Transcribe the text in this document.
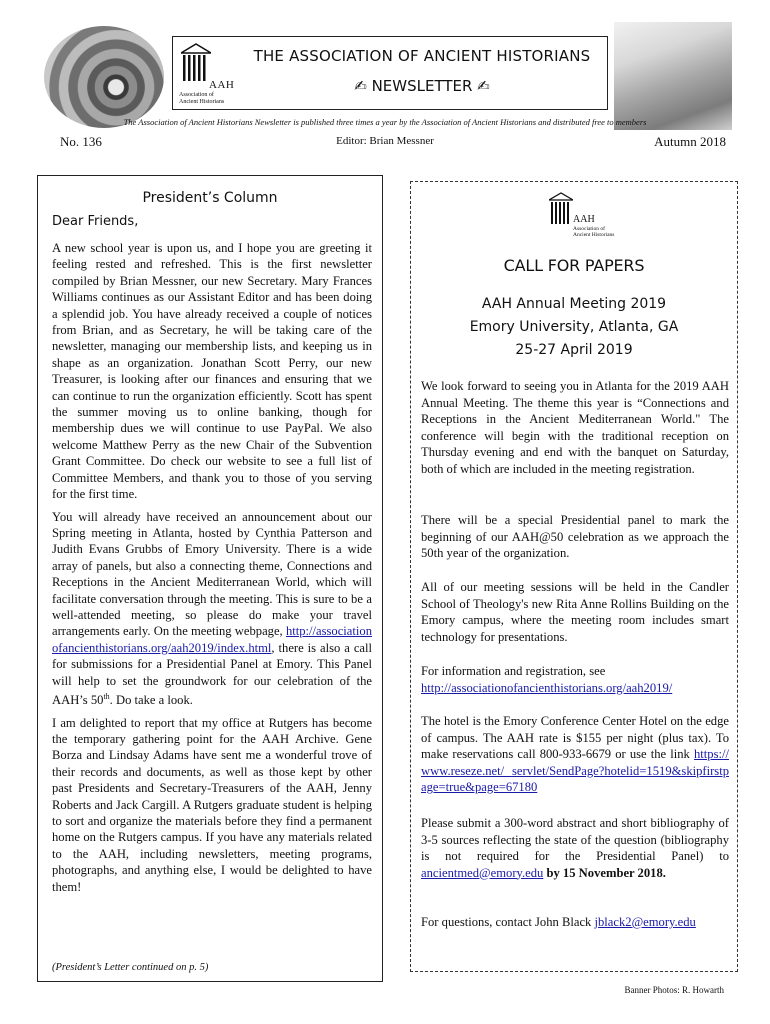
AAH
Association of
Ancient Historians
THE ASSOCIATION OF ANCIENT HISTORIANS
✍︎ NEWSLETTER ✍︎
The Association of Ancient Historians Newsletter is published three times a year by the Association of Ancient Historians and distributed free to members
No. 136	Editor: Brian Messner	Autumn 2018
President’s Column
Dear Friends,

A new school year is upon us, and I hope you are greeting it feeling rested and refreshed. This is the first newsletter compiled by Brian Messner, our new Secretary. Mary Frances Williams continues as our Assistant Editor and has been doing a splendid job. You have already received a couple of notices from Brian, and as Secretary, he will be taking care of the newsletter, managing our membership lists, and keeping us in shape as an organization. Jonathan Scott Perry, our new Treasurer, is looking after our finances and ensuring that we can continue to run the organization efficiently. Scott has spent the summer moving us to online banking, though for membership dues we will continue to use PayPal. We also welcome Matthew Perry as the new Chair of the Subvention Grant Committee. Do check our website to see a full list of Committee Members, and thank you to those of you serving for the first time.

You will already have received an announcement about our Spring meeting in Atlanta, hosted by Cynthia Patterson and Judith Evans Grubbs of Emory University. There is a wide array of panels, but also a connecting theme, Connections and Receptions in the Ancient Mediterranean World, which will facilitate conversation through the meeting. This is sure to be a well-attended meeting, so please do make your travel arrangements early. On the meeting webpage, http://associationofancienthistorians.org/aah2019/index.html, there is also a call for submissions for a Presidential Panel at Emory. This Panel will help to set the groundwork for our celebration of the AAH’s 50th. Do take a look.

I am delighted to report that my office at Rutgers has become the temporary gathering point for the AAH Archive. Gene Borza and Lindsay Adams have sent me a wonderful trove of their records and documents, as well as those kept by other past Presidents and Secretary-Treasurers of the AAH, Jenny Roberts and Jack Cargill. A Rutgers graduate student is helping to sort and organize the materials before they find a permanent home on the Rutgers campus. If you have any materials related to the AAH, including newsletters, meeting programs, photographs, and anything else, I would be delighted to have them!

(President’s Letter continued on p. 5)
AAH
Association of
Ancient Historians
CALL FOR PAPERS
AAH Annual Meeting 2019
Emory University, Atlanta, GA
25-27 April 2019
We look forward to seeing you in Atlanta for the 2019 AAH Annual Meeting. The theme this year is “Connections and Receptions in the Ancient Mediterranean World." The conference will begin with the traditional reception on Thursday evening and end with the banquet on Saturday, both of which are included in the meeting registration.
There will be a special Presidential panel to mark the beginning of our AAH@50 celebration as we approach the 50th year of the organization.
All of our meeting sessions will be held in the Candler School of Theology's new Rita Anne Rollins Building on the Emory campus, where the meeting room includes smart technology for presentations.
For information and registration, see
http://associationofancienthistorians.org/aah2019/
The hotel is the Emory Conference Center Hotel on the edge of campus. The AAH rate is $155 per night (plus tax). To make reservations call 800-933-6679 or use the link https://www.reseze.net/ servlet/SendPage?hotelid=1519&skipfirstpage=true&page=67180
Please submit a 300-word abstract and short bibliography of 3-5 sources reflecting the state of the question (bibliography is not required for the Presidential Panel) to ancientmed@emory.edu by 15 November 2018.
For questions, contact John Black jblack2@emory.edu
Banner Photos: R. Howarth
